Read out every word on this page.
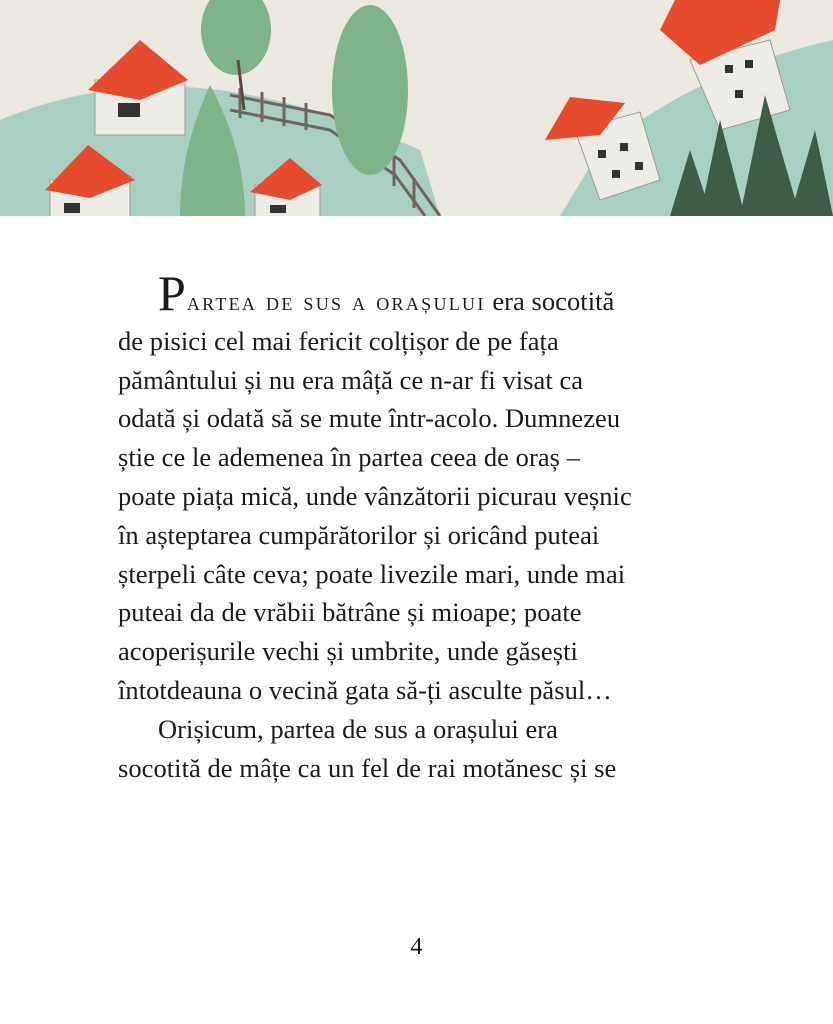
Partea de sus a orașului era socotită
de pisici cel mai fericit colțișor de pe fața
pământului și nu era mâță ce n-ar fi visat ca
odată și odată să se mute într-acolo. Dumnezeu
știe ce le ademenea în partea ceea de oraș –
poate piața mică, unde vânzătorii picurau veșnic
în așteptarea cumpărătorilor și oricând puteai
șterpeli câte ceva; poate livezile mari, unde mai
puteai da de vrăbii bătrâne și mioape; poate
acoperișurile vechi și umbrite, unde găsești
întotdeauna o vecină gata să-ți asculte păsul…
Orișicum, partea de sus a orașului era
socotită de mâțe ca un fel de rai motănesc și se
4
